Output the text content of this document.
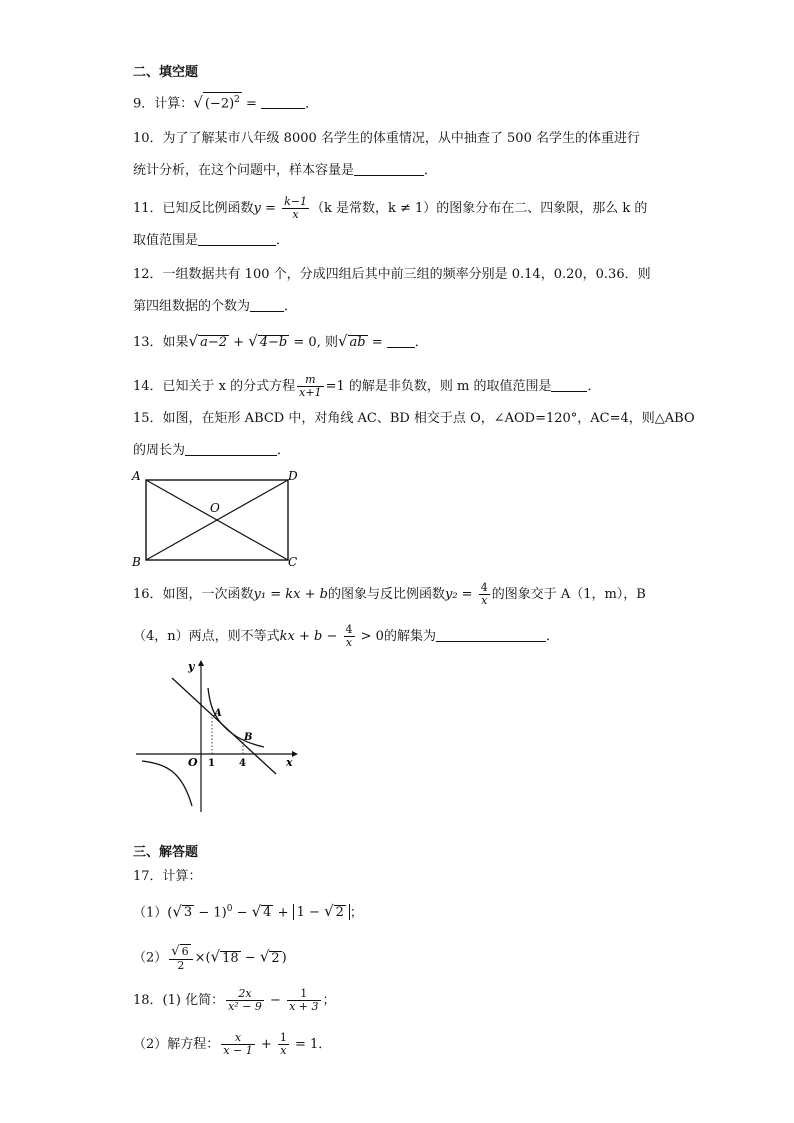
二、填空题
9．计算：√ $(-2)^2$ =	．
10．为了了解某市八年级 8000 名学生的体重情况，从中抽查了 500 名学生的体重进行
统计分析，在这个问题中，样本容量是	．
11．已知反比例函数$y = \frac{k-1}{x} (k$ 是常数，k ≠ 1）的图象分布在二、四象限，那么 k 的
取值范围是	．
12．一组数据共有 100 个，分成四组后其中前三组的频率分别是 0.14，0.20，0.36．则
第四组数据的个数为	．
13．如果√ a−2 + √ 4−b = 0, 则√ ab = ．
14．已知关于 x 的分式方程 $\frac{m}{x+1} =1$ 的解是非负数，则 m 的取值范围是	．
15．如图，在矩形 ABCD 中，对角线 AC、BD 相交于点 O，∠AOD=120°，AC=4，则△ABO
的周长为	．
A	D
B	C
O
16．如图，一次函数y₁ = kx + b的图象与反比例函数$y_2 = \frac{4}{x}$ 的图象交于 A（1，m），B
（4，n）两点，则不等式kx + $b - \frac{4}{x} > 0$的解集为	．
y
x
O 1 4
A
B
三、解答题
17．计算：
（1）(√ 3 − 1)$^0$ − √ 4 + 1 − √ 2 ；
$(2) \frac{√ 6}{2}$ ×(√ 18 − √ 2 )
18．(1) 化简： $\frac{2x}{\text{x² − 9}} - \frac{1}{x + 3}$ ；
（2）解方程： $\frac{x}{x - 1} + \frac{1}{x} = 1$．
